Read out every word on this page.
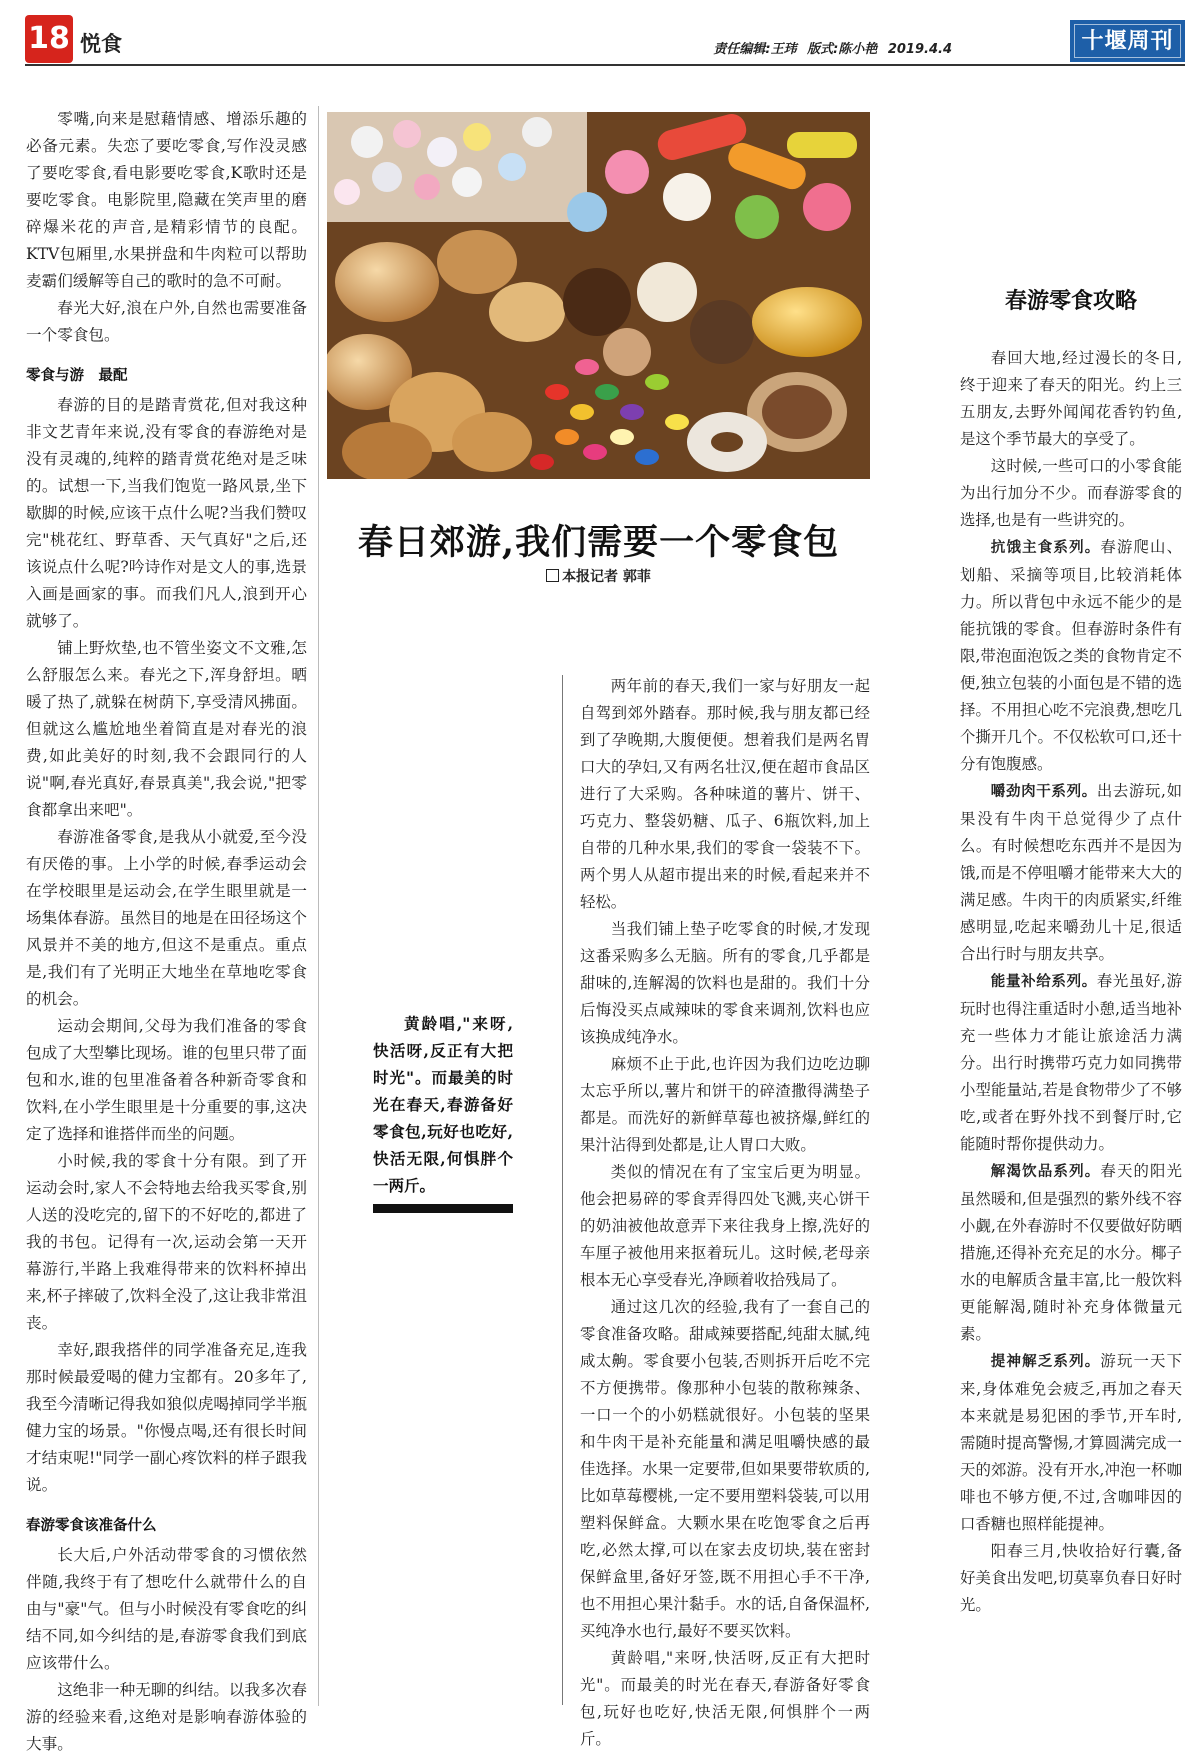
18 悦食	责任编辑:王玮 版式:陈小艳 2019.4.4	十堰周刊

零嘴,向来是慰藉情感、增添乐趣的必备元素。失恋了要吃零食,写作没灵感了要吃零食,看电影要吃零食,K歌时还是要吃零食。电影院里,隐藏在笑声里的磨碎爆米花的声音,是精彩情节的良配。KTV包厢里,水果拼盘和牛肉粒可以帮助麦霸们缓解等自己的歌时的急不可耐。

春光大好,浪在户外,自然也需要准备一个零食包。

零食与游　最配

春游的目的是踏青赏花,但对我这种非文艺青年来说,没有零食的春游绝对是没有灵魂的,纯粹的踏青赏花绝对是乏味的。试想一下,当我们饱览一路风景,坐下歇脚的时候,应该干点什么呢?当我们赞叹完"桃花红、野草香、天气真好"之后,还该说点什么呢?吟诗作对是文人的事,选景入画是画家的事。而我们凡人,浪到开心就够了。

铺上野炊垫,也不管坐姿文不文雅,怎么舒服怎么来。春光之下,浑身舒坦。晒暖了热了,就躲在树荫下,享受清风拂面。但就这么尴尬地坐着简直是对春光的浪费,如此美好的时刻,我不会跟同行的人说"啊,春光真好,春景真美",我会说,"把零食都拿出来吧"。

春游准备零食,是我从小就爱,至今没有厌倦的事。上小学的时候,春季运动会在学校眼里是运动会,在学生眼里就是一场集体春游。虽然目的地是在田径场这个风景并不美的地方,但这不是重点。重点是,我们有了光明正大地坐在草地吃零食的机会。

运动会期间,父母为我们准备的零食包成了大型攀比现场。谁的包里只带了面包和水,谁的包里准备着各种新奇零食和饮料,在小学生眼里是十分重要的事,这决定了选择和谁搭伴而坐的问题。

小时候,我的零食十分有限。到了开运动会时,家人不会特地去给我买零食,别人送的没吃完的,留下的不好吃的,都进了我的书包。记得有一次,运动会第一天开幕游行,半路上我难得带来的饮料杯掉出来,杯子摔破了,饮料全没了,这让我非常沮丧。

幸好,跟我搭伴的同学准备充足,连我那时候最爱喝的健力宝都有。20多年了,我至今清晰记得我如狼似虎喝掉同学半瓶健力宝的场景。"你慢点喝,还有很长时间才结束呢!"同学一副心疼饮料的样子跟我说。

春游零食该准备什么

长大后,户外活动带零食的习惯依然伴随,我终于有了想吃什么就带什么的自由与"豪"气。但与小时候没有零食吃的纠结不同,如今纠结的是,春游零食我们到底应该带什么。

这绝非一种无聊的纠结。以我多次春游的经验来看,这绝对是影响春游体验的大事。

春日郊游,我们需要一个零食包
本报记者 郭菲

黄龄唱,"来呀,快活呀,反正有大把时光"。而最美的时光在春天,春游备好零食包,玩好也吃好,快活无限,何惧胖个一两斤。

两年前的春天,我们一家与好朋友一起自驾到郊外踏春。那时候,我与朋友都已经到了孕晚期,大腹便便。想着我们是两名胃口大的孕妇,又有两名壮汉,便在超市食品区进行了大采购。各种味道的薯片、饼干、巧克力、整袋奶糖、瓜子、6瓶饮料,加上自带的几种水果,我们的零食一袋装不下。两个男人从超市提出来的时候,看起来并不轻松。

当我们铺上垫子吃零食的时候,才发现这番采购多么无脑。所有的零食,几乎都是甜味的,连解渴的饮料也是甜的。我们十分后悔没买点咸辣味的零食来调剂,饮料也应该换成纯净水。

麻烦不止于此,也许因为我们边吃边聊太忘乎所以,薯片和饼干的碎渣撒得满垫子都是。而洗好的新鲜草莓也被挤爆,鲜红的果汁沾得到处都是,让人胃口大败。

类似的情况在有了宝宝后更为明显。他会把易碎的零食弄得四处飞溅,夹心饼干的奶油被他故意弄下来往我身上擦,洗好的车厘子被他用来抠着玩儿。这时候,老母亲根本无心享受春光,净顾着收拾残局了。

通过这几次的经验,我有了一套自己的零食准备攻略。甜咸辣要搭配,纯甜太腻,纯咸太齁。零食要小包装,否则拆开后吃不完不方便携带。像那种小包装的散称辣条、一口一个的小奶糕就很好。小包装的坚果和牛肉干是补充能量和满足咀嚼快感的最佳选择。水果一定要带,但如果要带软质的,比如草莓樱桃,一定不要用塑料袋装,可以用塑料保鲜盒。大颗水果在吃饱零食之后再吃,必然太撑,可以在家去皮切块,装在密封保鲜盒里,备好牙签,既不用担心手不干净,也不用担心果汁黏手。水的话,自备保温杯,买纯净水也行,最好不要买饮料。

黄龄唱,"来呀,快活呀,反正有大把时光"。而最美的时光在春天,春游备好零食包,玩好也吃好,快活无限,何惧胖个一两斤。

春游零食攻略

春回大地,经过漫长的冬日,终于迎来了春天的阳光。约上三五朋友,去野外闻闻花香钓钓鱼,是这个季节最大的享受了。

这时候,一些可口的小零食能为出行加分不少。而春游零食的选择,也是有一些讲究的。

抗饿主食系列。春游爬山、划船、采摘等项目,比较消耗体力。所以背包中永远不能少的是能抗饿的零食。但春游时条件有限,带泡面泡饭之类的食物肯定不便,独立包装的小面包是不错的选择。不用担心吃不完浪费,想吃几个撕开几个。不仅松软可口,还十分有饱腹感。

嚼劲肉干系列。出去游玩,如果没有牛肉干总觉得少了点什么。有时候想吃东西并不是因为饿,而是不停咀嚼才能带来大大的满足感。牛肉干的肉质紧实,纤维感明显,吃起来嚼劲儿十足,很适合出行时与朋友共享。

能量补给系列。春光虽好,游玩时也得注重适时小憩,适当地补充一些体力才能让旅途活力满分。出行时携带巧克力如同携带小型能量站,若是食物带少了不够吃,或者在野外找不到餐厅时,它能随时帮你提供动力。

解渴饮品系列。春天的阳光虽然暖和,但是强烈的紫外线不容小觑,在外春游时不仅要做好防晒措施,还得补充充足的水分。椰子水的电解质含量丰富,比一般饮料更能解渴,随时补充身体微量元素。

提神解乏系列。游玩一天下来,身体难免会疲乏,再加之春天本来就是易犯困的季节,开车时,需随时提高警惕,才算圆满完成一天的郊游。没有开水,冲泡一杯咖啡也不够方便,不过,含咖啡因的口香糖也照样能提神。

阳春三月,快收拾好行囊,备好美食出发吧,切莫辜负春日好时光。
